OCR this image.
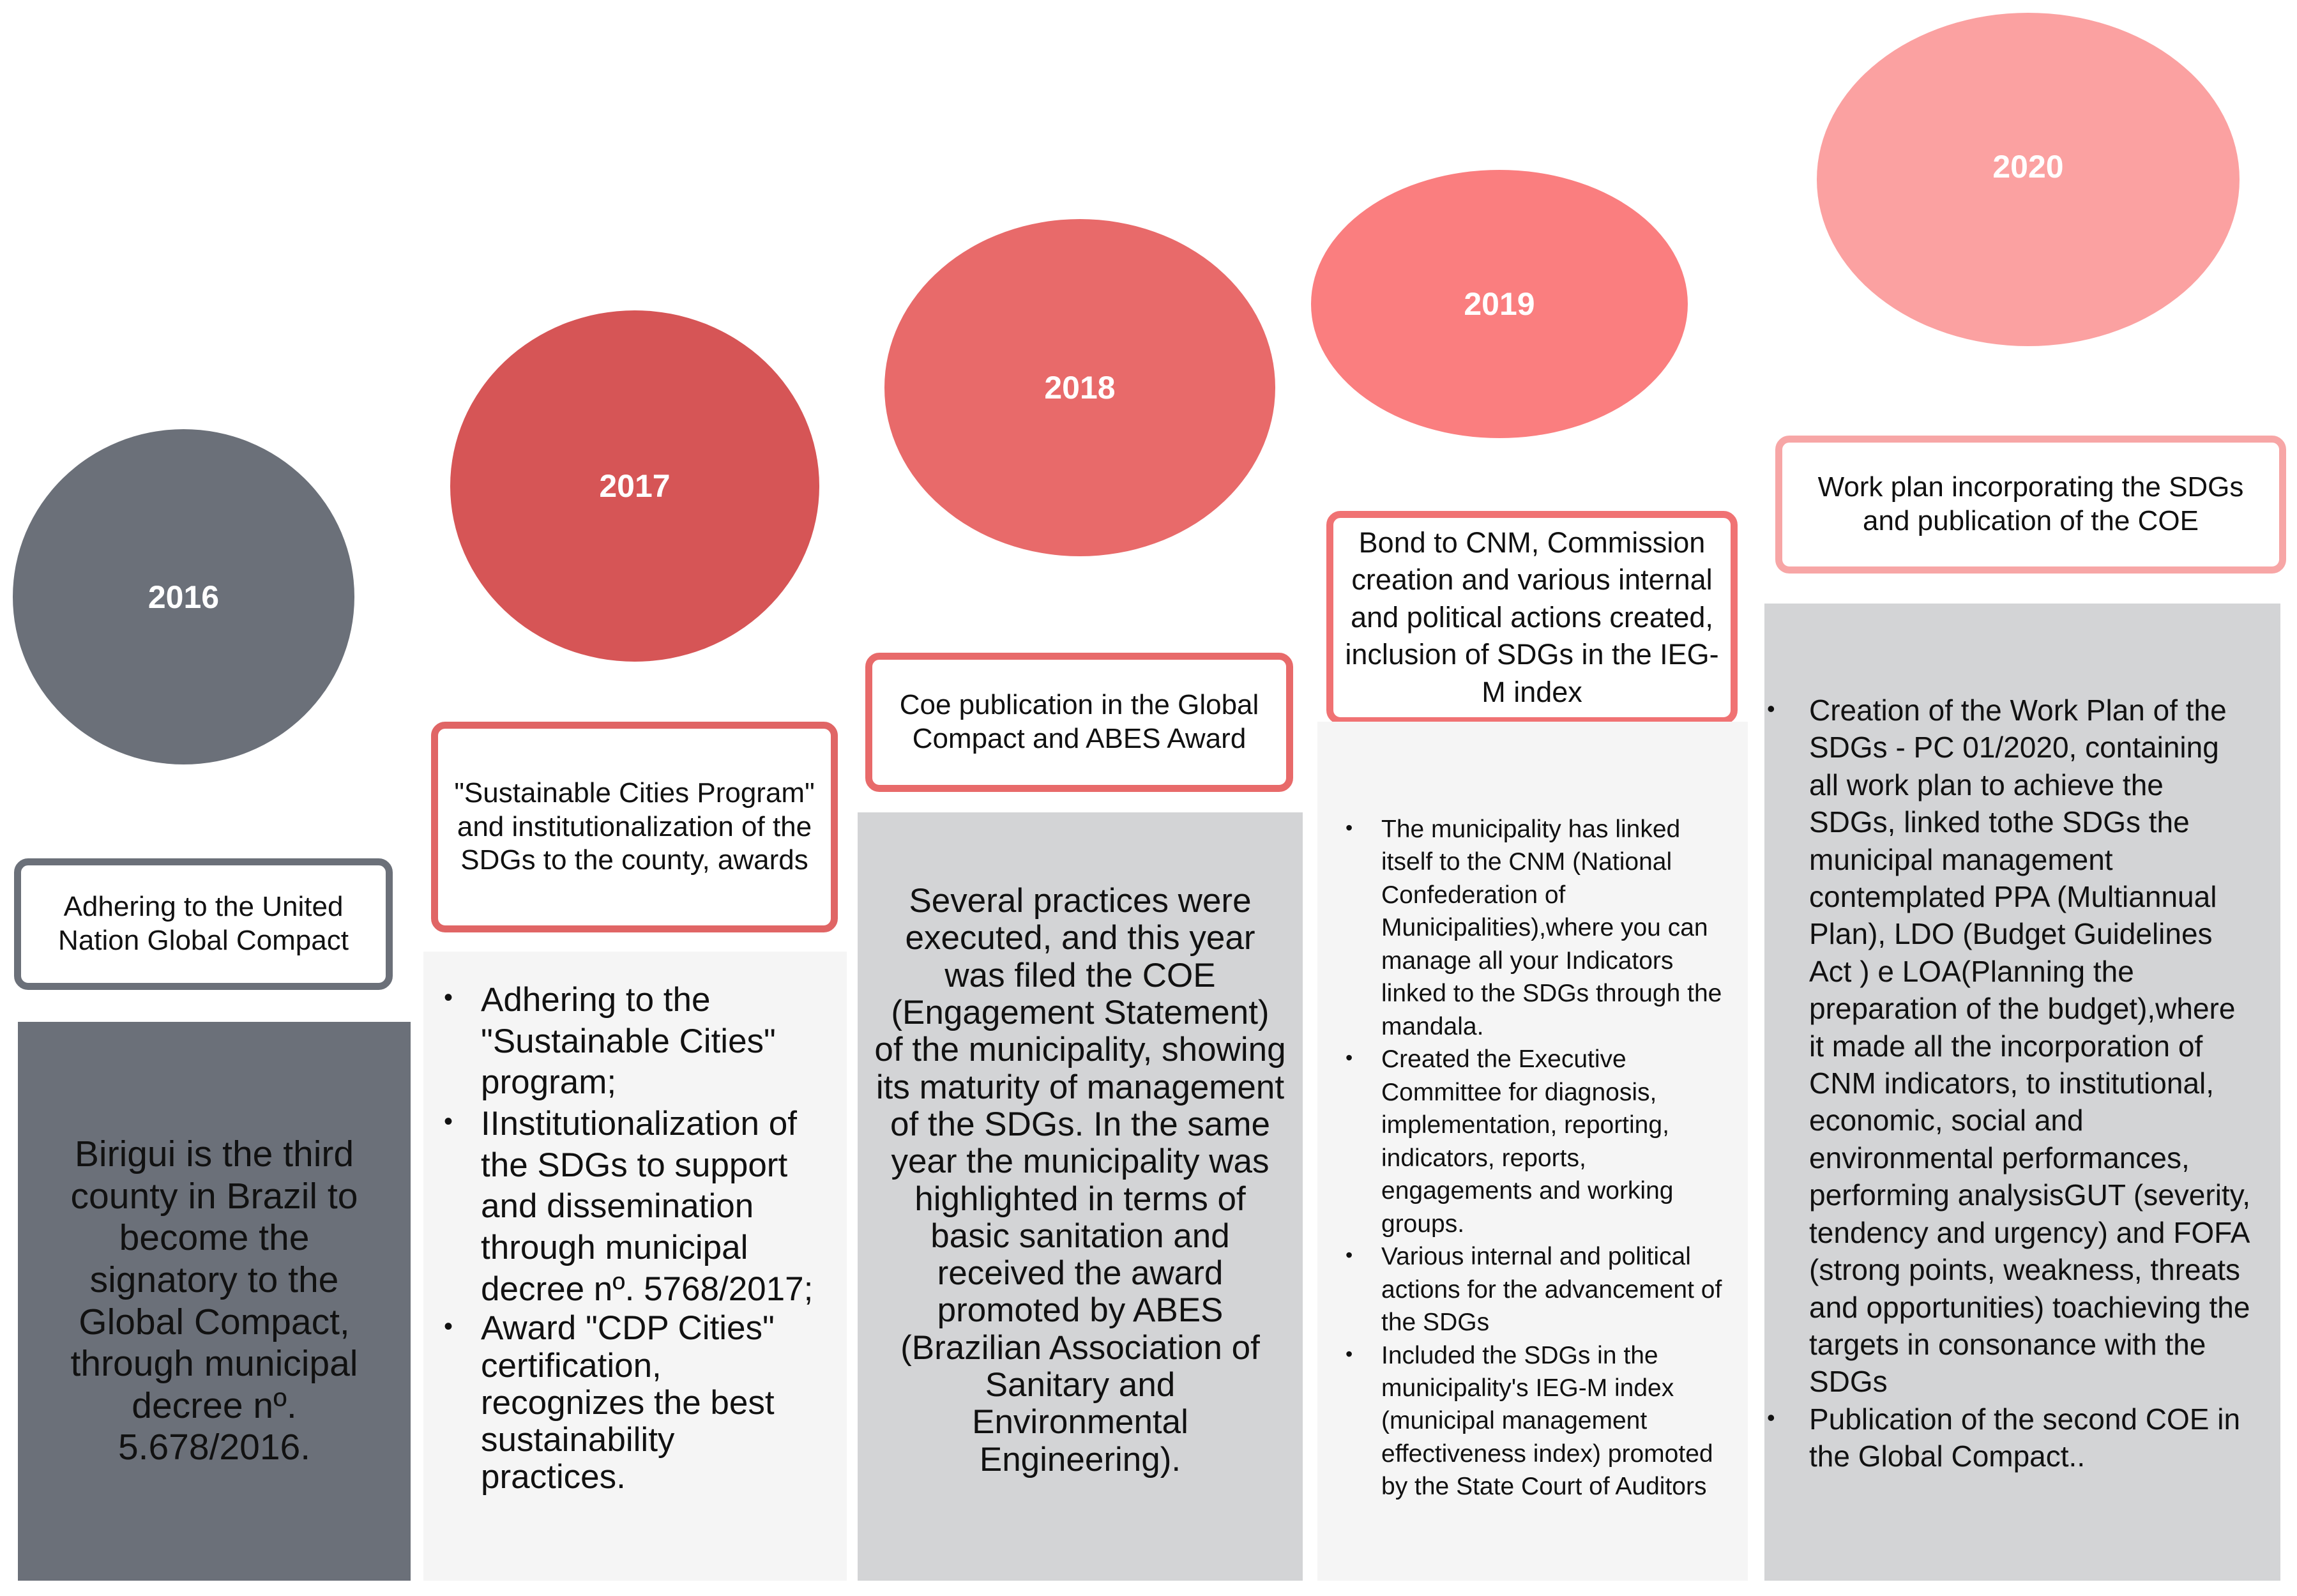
2016
Adhering to the United Nation Global Compact
Birigui is the third county in Brazil to become the signatory to the Global Compact, through municipal decree nº. 5.678/2016.
2017
"Sustainable Cities Program" and institutionalization of the SDGs to the county, awards
• Adhering to the "Sustainable Cities" program;
• IInstitutionalization of the SDGs to support and dissemination through municipal decree nº. 5768/2017;
• Award "CDP Cities" certification, recognizes the best sustainability practices.
2018
Coe publication in the Global Compact and ABES Award
Several practices were executed, and this year was filed the COE (Engagement Statement) of the municipality, showing its maturity of management of the SDGs. In the same year the municipality was highlighted in terms of basic sanitation and received the award promoted by ABES (Brazilian Association of Sanitary and Environmental Engineering).
2019
Bond to CNM, Commission creation and various internal and political actions created, inclusion of SDGs in the IEG-M index
• The municipality has linked itself to the CNM (National Confederation of Municipalities),where you can manage all your Indicators linked to the SDGs through the mandala.
• Created the Executive Committee for diagnosis, implementation, reporting, indicators, reports, engagements and working groups.
• Various internal and political actions for the advancement of the SDGs
• Included the SDGs in the municipality's IEG-M index (municipal management effectiveness index) promoted by the State Court of Auditors
2020
Work plan incorporating the SDGs and publication of the COE
• Creation of the Work Plan of the SDGs - PC 01/2020, containing all work plan to achieve the SDGs, linked tothe SDGs the municipal management contemplated PPA (Multiannual Plan), LDO (Budget Guidelines Act ) e LOA(Planning the preparation of the budget),where it made all the incorporation of CNM indicators, to institutional, economic, social and environmental performances, performing analysisGUT (severity, tendency and urgency) and FOFA (strong points, weakness, threats and opportunities) toachieving the targets in consonance with the SDGs
• Publication of the second COE in the Global Compact..
